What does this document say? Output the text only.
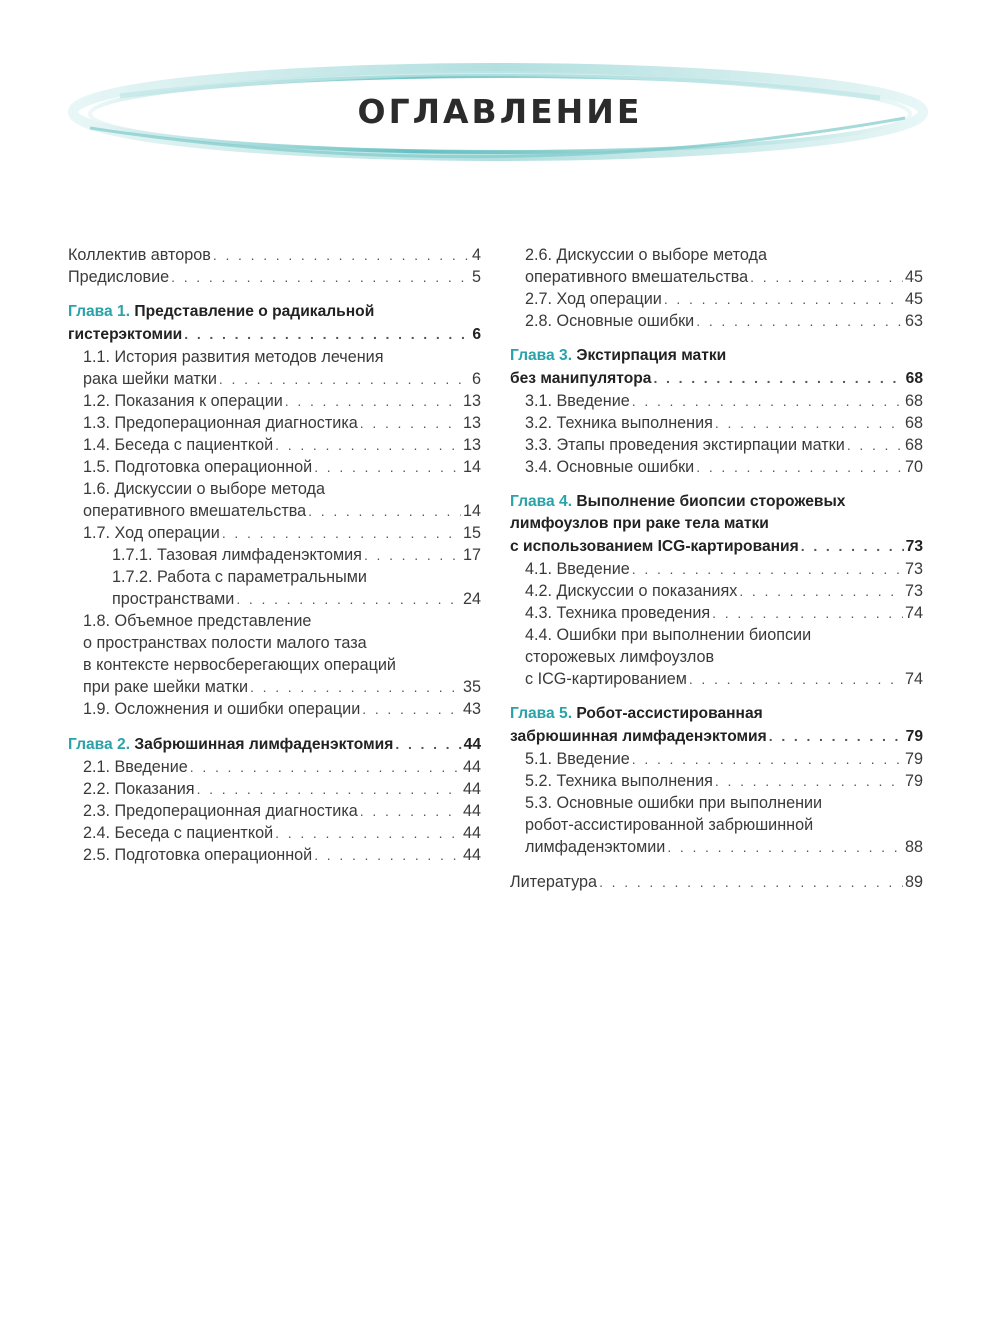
ОГЛАВЛЕНИЕ
Коллектив авторов . . .	4
Предисловие . . .	5
Глава 1.
Представление о радикальной
гистерэктомии . . .	6
1.1. История развития методов лечения
рака шейки матки . . .	6
1.2. Показания к операции . . .	13
1.3. Предоперационная диагностика . . .	13
1.4. Беседа с пациенткой . . .	13
1.5. Подготовка операционной . . .	14
1.6. Дискуссии о выборе метода
оперативного вмешательства . . .	14
1.7. Ход операции . . .	15
1.7.1. Тазовая лимфаденэктомия . . .	17
1.7.2. Работа с параметральными
пространствами . . .	24
1.8. Объемное представление
о пространствах полости малого таза
в контексте нервосберегающих операций
при раке шейки матки . . .	35
1.9. Осложнения и ошибки операции . . .	43
Глава 2.
Забрюшинная лимфаденэктомия . . .	44
2.1. Введение . . .	44
2.2. Показания . . .	44
2.3. Предоперационная диагностика . . .	44
2.4. Беседа с пациенткой . . .	44
2.5. Подготовка операционной . . .	44
2.6. Дискуссии о выборе метода
оперативного вмешательства . . .	45
2.7. Ход операции . . .	45
2.8. Основные ошибки . . .	63
Глава 3.
Экстирпация матки
без манипулятора . . .	68
3.1. Введение . . .	68
3.2. Техника выполнения . . .	68
3.3. Этапы проведения экстирпации матки . . .	68
3.4. Основные ошибки . . .	70
Глава 4.
Выполнение биопсии сторожевых
лимфоузлов при раке тела матки
с использованием ICG-картирования . . .	73
4.1. Введение . . .	73
4.2. Дискуссии о показаниях . . .	73
4.3. Техника проведения . . .	74
4.4. Ошибки при выполнении биопсии
сторожевых лимфоузлов
с ICG-картированием . . .	74
Глава 5.
Робот-ассистированная
забрюшинная лимфаденэктомия . . .	79
5.1. Введение . . .	79
5.2. Техника выполнения . . .	79
5.3. Основные ошибки при выполнении
робот-ассистированной забрюшинной
лимфаденэктомии . . .	88
Литература . . .	89
